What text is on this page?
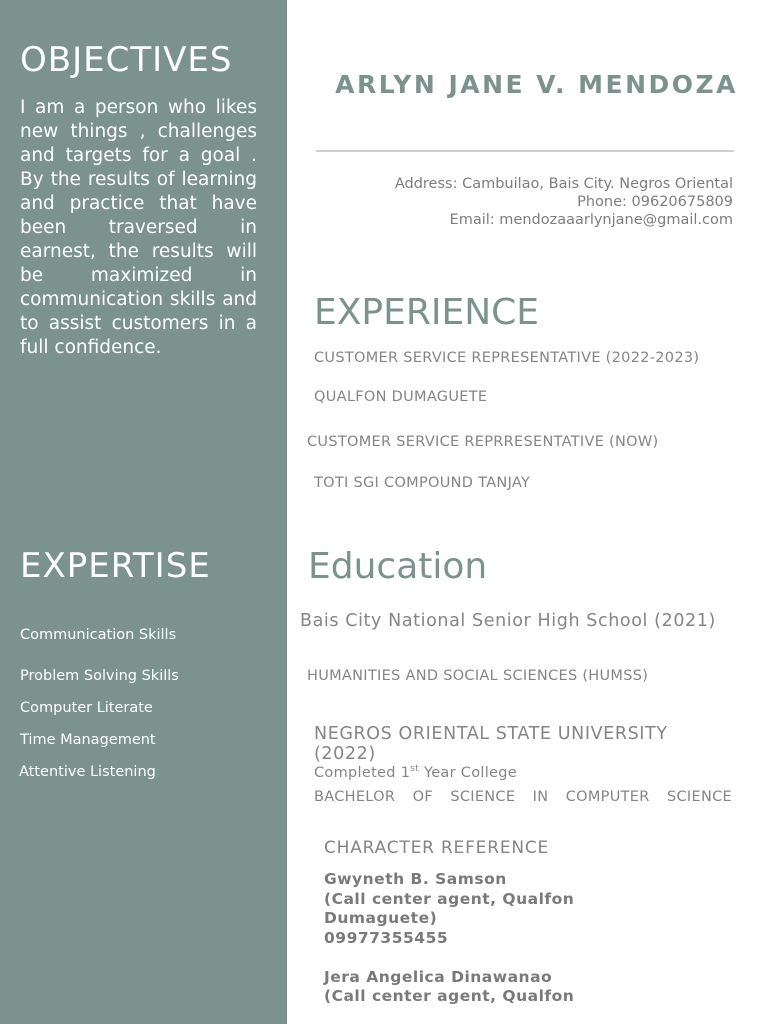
OBJECTIVES

I am a person who likes new things , challenges and targets for a goal . By the results of learning and practice that have been traversed in earnest, the results will be maximized in communication skills and to assist customers in a full confidence.

EXPERTISE
Communication Skills
Problem Solving Skills
Computer Literate
Time Management
Attentive Listening
ARLYN JANE V. MENDOZA
Address: Cambuilao, Bais City. Negros Oriental
Phone: 09620675809
Email: mendozaaarlynjane@gmail.com
EXPERIENCE
CUSTOMER SERVICE REPRESENTATIVE (2022-2023)
QUALFON DUMAGUETE
CUSTOMER SERVICE REPRRESENTATIVE (NOW)
TOTI SGI COMPOUND TANJAY
Education
Bais City National Senior High School (2021)
HUMANITIES AND SOCIAL SCIENCES (HUMSS)
NEGROS ORIENTAL STATE UNIVERSITY
(2022)
Completed 1st Year College
BACHELOR OF SCIENCE IN COMPUTER SCIENCE
CHARACTER REFERENCE

Gwyneth B. Samson

(Call center agent, Qualfon

Dumaguete)

09977355455

Jera Angelica Dinawanao

(Call center agent, Qualfon
